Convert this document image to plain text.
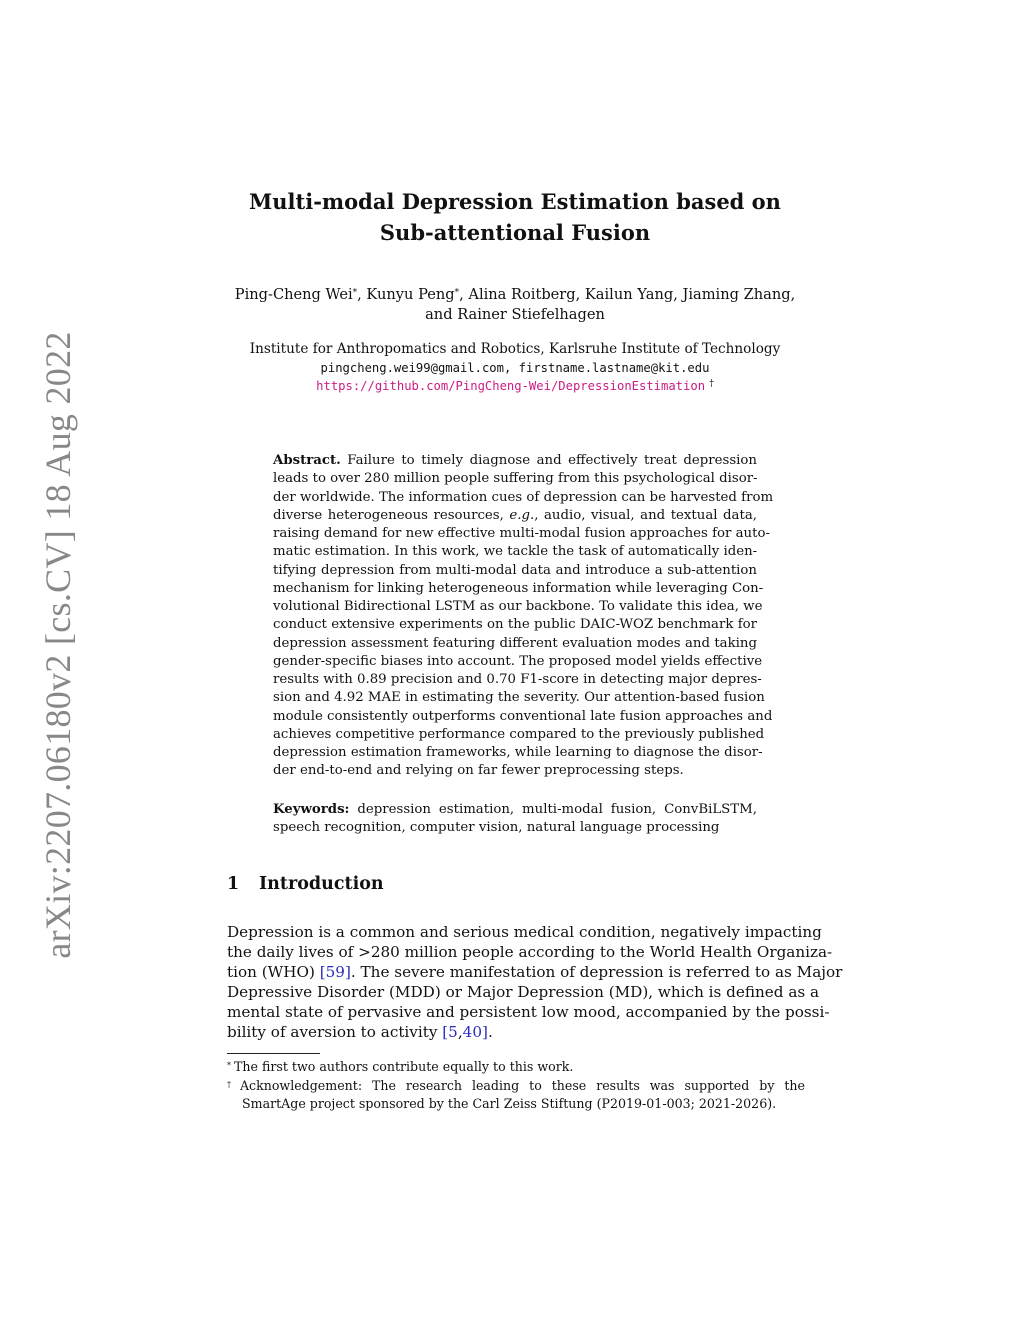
arXiv:2207.06180v2 [cs.CV] 18 Aug 2022
Multi-modal Depression Estimation based on
Sub-attentional Fusion
Ping-Cheng Wei*, Kunyu Peng*, Alina Roitberg, Kailun Yang, Jiaming Zhang,
and Rainer Stiefelhagen
Institute for Anthropomatics and Robotics, Karlsruhe Institute of Technology
pingcheng.wei99@gmail.com, firstname.lastname@kit.edu
https://github.com/PingCheng-Wei/DepressionEstimation †
Abstract. Failure to timely diagnose and effectively treat depression
leads to over 280 million people suffering from this psychological disor-
der worldwide. The information cues of depression can be harvested from
diverse heterogeneous resources, e.g., audio, visual, and textual data,
raising demand for new effective multi-modal fusion approaches for auto-
matic estimation. In this work, we tackle the task of automatically iden-
tifying depression from multi-modal data and introduce a sub-attention
mechanism for linking heterogeneous information while leveraging Con-
volutional Bidirectional LSTM as our backbone. To validate this idea, we
conduct extensive experiments on the public DAIC-WOZ benchmark for
depression assessment featuring different evaluation modes and taking
gender-specific biases into account. The proposed model yields effective
results with 0.89 precision and 0.70 F1-score in detecting major depres-
sion and 4.92 MAE in estimating the severity. Our attention-based fusion
module consistently outperforms conventional late fusion approaches and
achieves competitive performance compared to the previously published
depression estimation frameworks, while learning to diagnose the disor-
der end-to-end and relying on far fewer preprocessing steps.
Keywords: depression estimation, multi-modal fusion, ConvBiLSTM,
speech recognition, computer vision, natural language processing
1 Introduction
Depression is a common and serious medical condition, negatively impacting
the daily lives of >280 million people according to the World Health Organiza-
tion (WHO) [59]. The severe manifestation of depression is referred to as Major
Depressive Disorder (MDD) or Major Depression (MD), which is defined as a
mental state of pervasive and persistent low mood, accompanied by the possi-
bility of aversion to activity [5,40].
* The first two authors contribute equally to this work.
† Acknowledgement: The research leading to these results was supported by the
SmartAge project sponsored by the Carl Zeiss Stiftung (P2019-01-003; 2021-2026).
